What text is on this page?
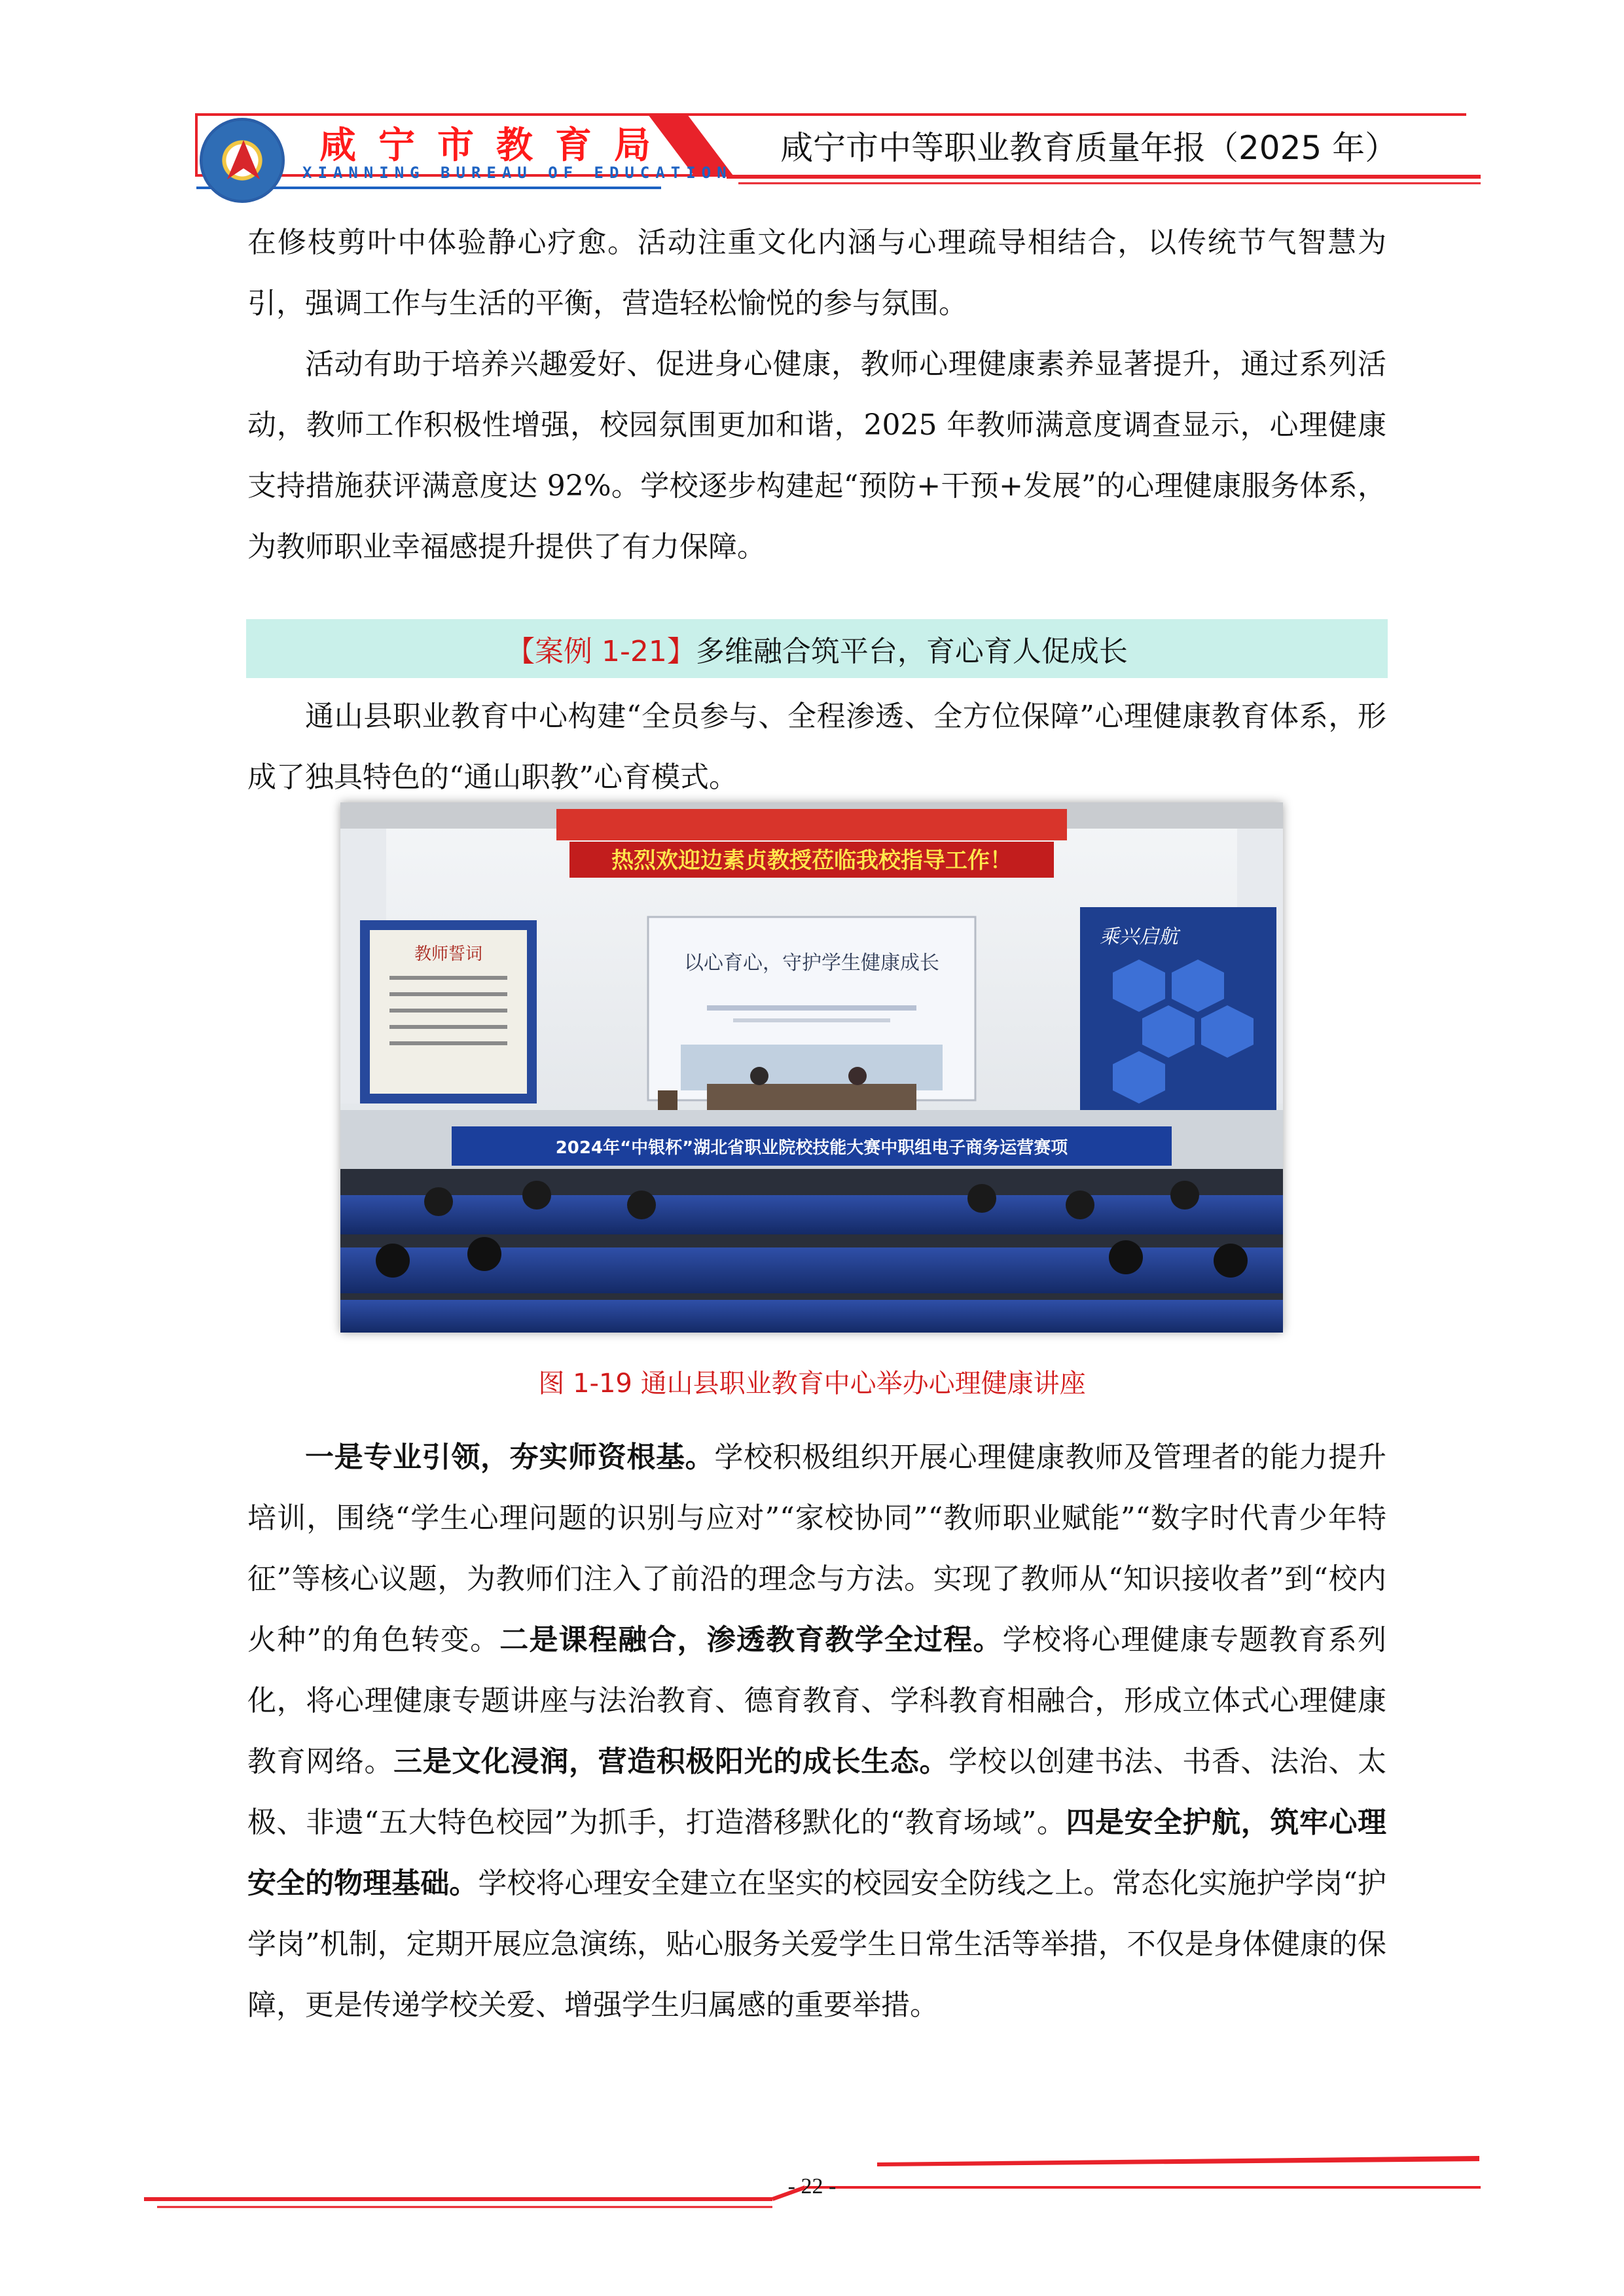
咸宁市教育局
XIANNING BUREAU OF EDUCATION
咸宁市中等职业教育质量年报（2025 年）

在修枝剪叶中体验静心疗愈。活动注重文化内涵与心理疏导相结合，以传统节气智慧为引，强调工作与生活的平衡，营造轻松愉悦的参与氛围。

活动有助于培养兴趣爱好、促进身心健康，教师心理健康素养显著提升，通过系列活动，教师工作积极性增强，校园氛围更加和谐，2025 年教师满意度调查显示，心理健康支持措施获评满意度达 92%。学校逐步构建起“预防+干预+发展”的心理健康服务体系，为教师职业幸福感提升提供了有力保障。

【案例 1-21】 多维融合筑平台，育心育人促成长

通山县职业教育中心构建“全员参与、全程渗透、全方位保障”心理健康教育体系，形成了独具特色的“通山职教”心育模式。

热烈欢迎边素贞教授莅临我校指导工作！
以心育心，守护学生健康成长
教师誓词
乘兴启航
2024年“中银杯”湖北省职业院校技能大赛中职组电子商务运营赛项
图 1-19 通山县职业教育中心举办心理健康讲座

一是专业引领，夯实师资根基。学校积极组织开展心理健康教师及管理者的能力提升培训，围绕“学生心理问题的识别与应对”“家校协同”“教师职业赋能”“数字时代青少年特征”等核心议题，为教师们注入了前沿的理念与方法。实现了教师从“知识接收者”到“校内火种”的角色转变。二是课程融合，渗透教育教学全过程。学校将心理健康专题教育系列化，将心理健康专题讲座与法治教育、德育教育、学科教育相融合，形成立体式心理健康教育网络。三是文化浸润，营造积极阳光的成长生态。学校以创建书法、书香、法治、太极、非遗“五大特色校园”为抓手，打造潜移默化的“教育场域”。四是安全护航，筑牢心理安全的物理基础。学校将心理安全建立在坚实的校园安全防线之上。常态化实施护学岗“护学岗”机制，定期开展应急演练，贴心服务关爱学生日常生活等举措，不仅是身体健康的保障，更是传递学校关爱、增强学生归属感的重要举措。

- 22 -
